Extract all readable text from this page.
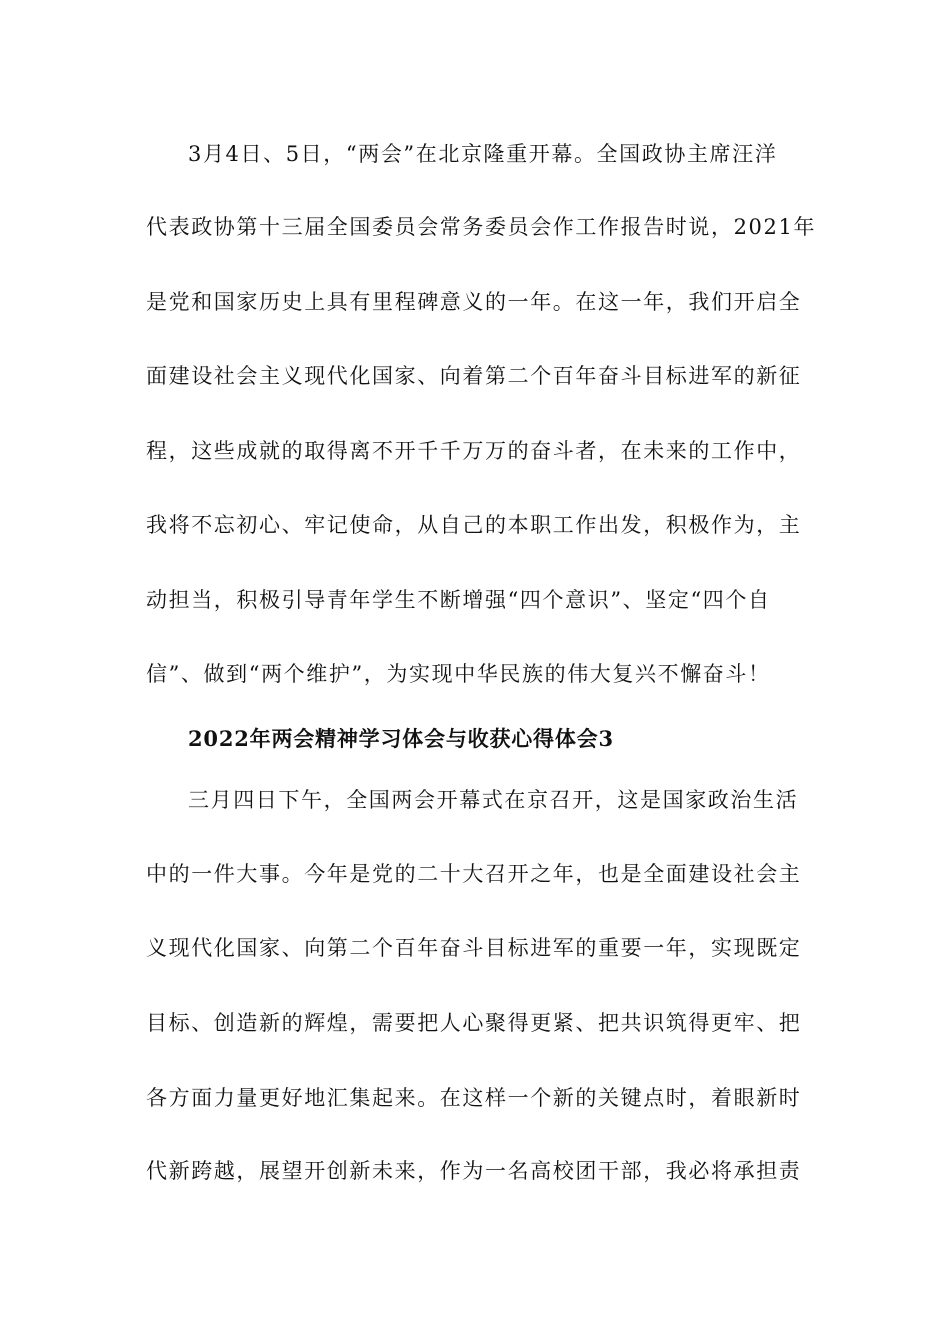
3月4日、5日，“两会”在北京隆重开幕。全国政协主席汪洋
代表政协第十三届全国委员会常务委员会作工作报告时说，2021年
是党和国家历史上具有里程碑意义的一年。在这一年，我们开启全
面建设社会主义现代化国家、向着第二个百年奋斗目标进军的新征
程，这些成就的取得离不开千千万万的奋斗者，在未来的工作中，
我将不忘初心、牢记使命，从自己的本职工作出发，积极作为，主
动担当，积极引导青年学生不断增强“四个意识”、坚定“四个自
信”、做到“两个维护”，为实现中华民族的伟大复兴不懈奋斗！
2022年两会精神学习体会与收获心得体会3
三月四日下午，全国两会开幕式在京召开，这是国家政治生活
中的一件大事。今年是党的二十大召开之年，也是全面建设社会主
义现代化国家、向第二个百年奋斗目标进军的重要一年，实现既定
目标、创造新的辉煌，需要把人心聚得更紧、把共识筑得更牢、把
各方面力量更好地汇集起来。在这样一个新的关键点时，着眼新时
代新跨越，展望开创新未来，作为一名高校团干部，我必将承担责
